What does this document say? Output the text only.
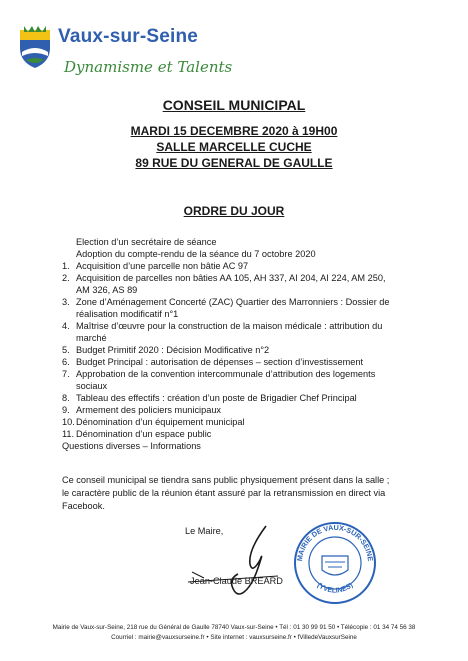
Vaux-sur-Seine
Dynamisme et Talents
CONSEIL MUNICIPAL
MARDI 15 DECEMBRE 2020 à 19H00
SALLE MARCELLE CUCHE
89 RUE DU GENERAL DE GAULLE
ORDRE DU JOUR
Election d’un secrétaire de séance
Adoption du compte-rendu de la séance du 7 octobre 2020
1. Acquisition d’une parcelle non bâtie AC 97
2. Acquisition de parcelles non bâties AA 105, AH 337, AI 204, AI 224, AM 250,
AM 326, AS 89
3. Zone d’Aménagement Concerté (ZAC) Quartier des Marronniers : Dossier de
réalisation modificatif n°1
4. Maîtrise d’œuvre pour la construction de la maison médicale : attribution du
marché
5. Budget Primitif 2020 : Décision Modificative n°2
6. Budget Principal : autorisation de dépenses – section d’investissement
7. Approbation de la convention intercommunale d’attribution des logements
sociaux
8. Tableau des effectifs : création d’un poste de Brigadier Chef Principal
9. Armement des policiers municipaux
10. Dénomination d’un équipement municipal
11. Dénomination d’un espace public
Questions diverses – Informations
Ce conseil municipal se tiendra sans public physiquement présent dans la salle ;
le caractère public de la réunion étant assuré par la retransmission en direct via
Facebook.
Le Maire,
Jean-Claude BREARD
MAIRIE DE VAUX-SUR-SEINE
(YVELINES)
Mairie de Vaux-sur-Seine, 218 rue du Général de Gaulle 78740 Vaux-sur-Seine • Tél : 01 30 99 91 50 • Télécopie : 01 34 74 56 38
Courriel : mairie@vauxsurseine.fr • Site internet : vauxsurseine.fr • fVilledeVauxsurSeine
